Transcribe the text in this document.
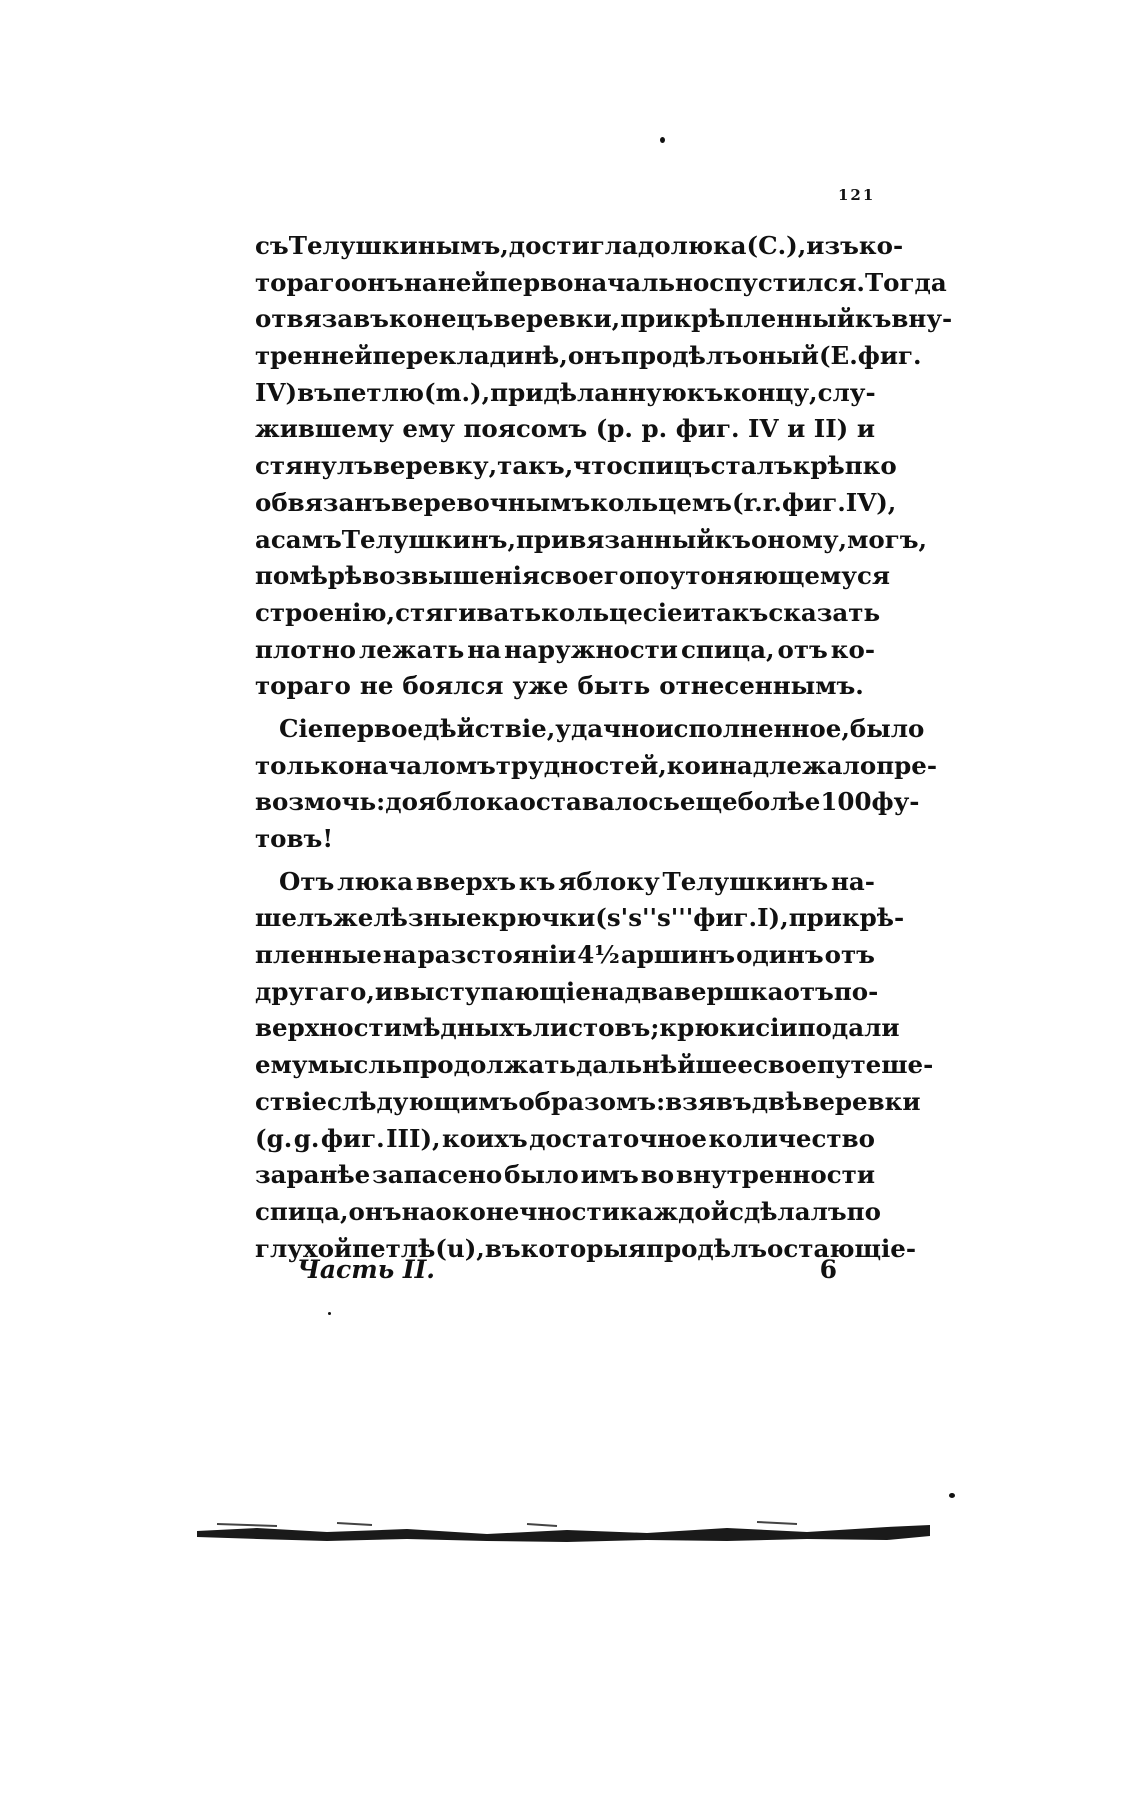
121
съ Телушкинымъ, достигла до люка (С.), изъ ко-
тораго онъ на нeй первоначально спустился. Тогда
отвязавъ конецъ веревки, прикрѣпленный къ вну-
тренней перекладинѣ, онъ продѣлъ оный (Е. фиг.
IV) въ петлю (m.), придѣланную къ концу, слу-
жившему ему поясомъ (р. р. фиг. IV и II) и
стянулъ веревку, такъ, что спицъ сталъ крѣпко
обвязанъ веревочнымъ кольцемъ (r. r. фиг. IV),
а самъ Телушкинъ, привязанный къ оному, могъ,
по мѣрѣ возвышенія своего по утоняющемуся
строенію, стягивать кольце сіе и такъ сказать
плотно лежать на наружности спица, отъ ко-
тораго не боялся уже быть отнесеннымъ.
Сіе первое дѣйствіе, удачно исполненное, было
только началомъ трудностей, кои надлежало пре-
возмочь: до яблока оставалось еще болѣе 100 фу-
товъ!
Отъ люка вверхъ къ яблоку Телушкинъ на-
шелъ желѣзные крючки (s' s'' s''' фиг. I), прикрѣ-
пленные на разстояніи 4½ аршинъ одинъ отъ
другаго, и выступающіе на два вершка отъ по-
верхности мѣдныхъ листовъ; крюки сіи подали
ему мысль продолжать дальнѣйшее свое путеше-
ствіе слѣдующимъ образомъ: взявъ двѣ веревки
(g. g. фиг. III), коихъ достаточное количество
заранѣе запасено было имъ во внутренности
спица, онъ на оконечности каждой сдѣлалъ по
глухой петлѣ (u), въ которыя продѣлъ остающіе-
Часть II.	6
